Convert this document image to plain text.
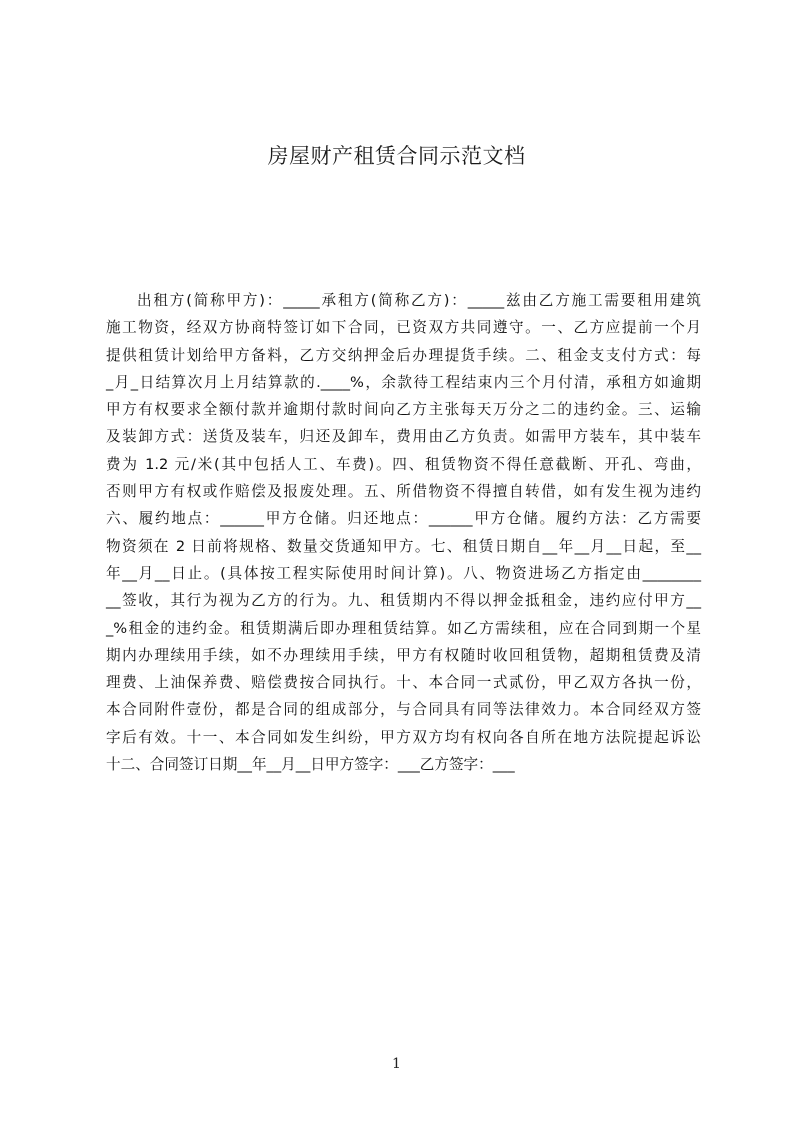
房屋财产租赁合同示范文档
出租方(简称甲方)：_____承租方(简称乙方)：_____兹由乙方施工需要租用建筑
施工物资，经双方协商特签订如下合同，已资双方共同遵守。一、乙方应提前一个月
提供租赁计划给甲方备料，乙方交纳押金后办理提货手续。二、租金支支付方式：每
_月_日结算次月上月结算款的.____%，余款待工程结束内三个月付清，承租方如逾期
甲方有权要求全额付款并逾期付款时间向乙方主张每天万分之二的违约金。三、运输
及装卸方式：送货及装车，归还及卸车，费用由乙方负责。如需甲方装车，其中装车
费为 1.2 元/米(其中包括人工、车费)。四、租赁物资不得任意截断、开孔、弯曲，
否则甲方有权或作赔偿及报废处理。五、所借物资不得擅自转借，如有发生视为违约
六、履约地点：______甲方仓储。归还地点：______甲方仓储。履约方法：乙方需要
物资须在 2 日前将规格、数量交货通知甲方。七、租赁日期自__年__月__日起，至__
年__月__日止。(具体按工程实际使用时间计算)。八、物资进场乙方指定由________
__签收，其行为视为乙方的行为。九、租赁期内不得以押金抵租金，违约应付甲方__
_%租金的违约金。租赁期满后即办理租赁结算。如乙方需续租，应在合同到期一个星
期内办理续用手续，如不办理续用手续，甲方有权随时收回租赁物，超期租赁费及清
理费、上油保养费、赔偿费按合同执行。十、本合同一式贰份，甲乙双方各执一份，
本合同附件壹份，都是合同的组成部分，与合同具有同等法律效力。本合同经双方签
字后有效。十一、本合同如发生纠纷，甲方双方均有权向各自所在地方法院提起诉讼
十二、合同签订日期__年__月__日甲方签字：___乙方签字：___
1
